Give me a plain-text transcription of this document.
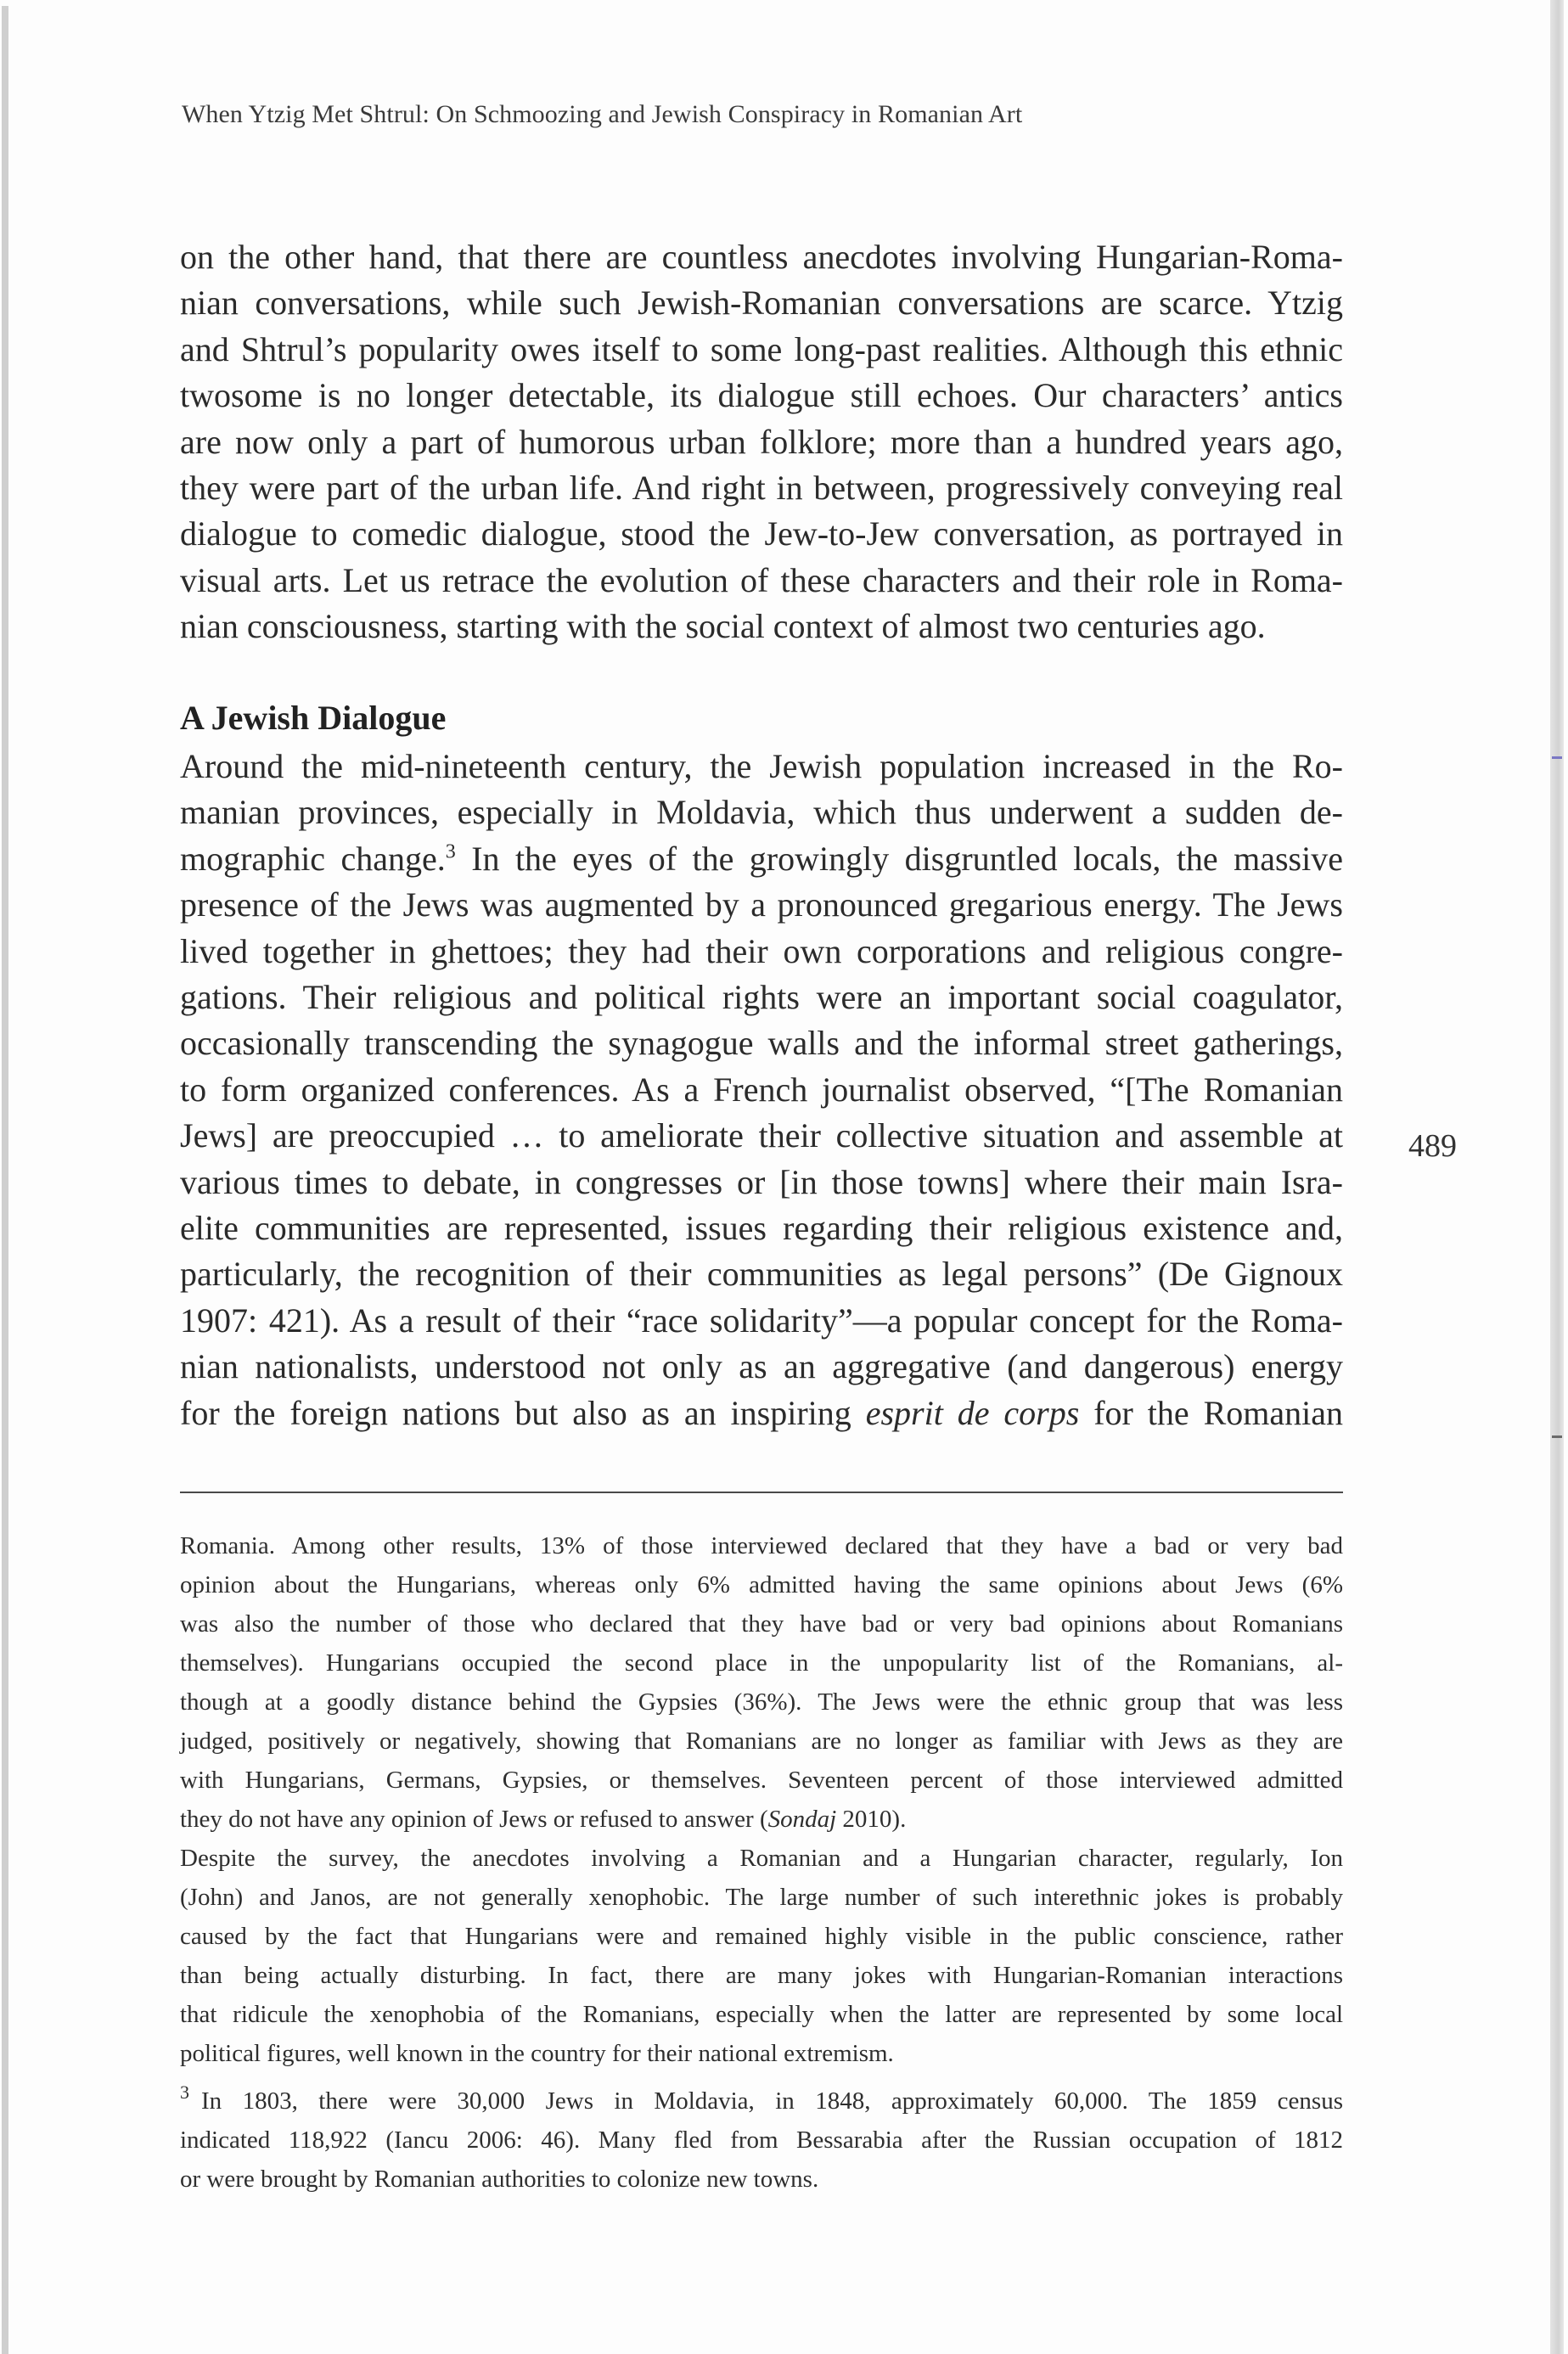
When Ytzig Met Shtrul: On Schmoozing and Jewish Conspiracy in Romanian Art
on the other hand, that there are countless anecdotes involving Hungarian-Roma-
nian conversations, while such Jewish-Romanian conversations are scarce. Ytzig
and Shtrul’s popularity owes itself to some long-past realities. Although this ethnic
twosome is no longer detectable, its dialogue still echoes. Our characters’ antics
are now only a part of humorous urban folklore; more than a hundred years ago,
they were part of the urban life. And right in between, progressively conveying real
dialogue to comedic dialogue, stood the Jew-to-Jew conversation, as portrayed in
visual arts. Let us retrace the evolution of these characters and their role in Roma-
nian consciousness, starting with the social context of almost two centuries ago.
A Jewish Dialogue
Around the mid-nineteenth century, the Jewish population increased in the Ro-
manian provinces, especially in Moldavia, which thus underwent a sudden de-
mographic change.$^3$ In the eyes of the growingly disgruntled locals, the massive
presence of the Jews was augmented by a pronounced gregarious energy. The Jews
lived together in ghettoes; they had their own corporations and religious congre-
gations. Their religious and political rights were an important social coagulator,
occasionally transcending the synagogue walls and the informal street gatherings,
to form organized conferences. As a French journalist observed, “[The Romanian
Jews] are preoccupied … to ameliorate their collective situation and assemble at
various times to debate, in congresses or [in those towns] where their main Isra-
elite communities are represented, issues regarding their religious existence and,
particularly, the recognition of their communities as legal persons” (De Gignoux
1907: 421). As a result of their “race solidarity”—a popular concept for the Roma-
nian nationalists, understood not only as an aggregative (and dangerous) energy
for the foreign nations but also as an inspiring esprit de corps for the Romanian
489
Romania. Among other results, 13% of those interviewed declared that they have a bad or very bad
opinion about the Hungarians, whereas only 6% admitted having the same opinions about Jews (6%
was also the number of those who declared that they have bad or very bad opinions about Romanians
themselves). Hungarians occupied the second place in the unpopularity list of the Romanians, al-
though at a goodly distance behind the Gypsies (36%). The Jews were the ethnic group that was less
judged, positively or negatively, showing that Romanians are no longer as familiar with Jews as they are
with Hungarians, Germans, Gypsies, or themselves. Seventeen percent of those interviewed admitted
they do not have any opinion of Jews or refused to answer (Sondaj 2010).
Despite the survey, the anecdotes involving a Romanian and a Hungarian character, regularly, Ion
(John) and Janos, are not generally xenophobic. The large number of such interethnic jokes is probably
caused by the fact that Hungarians were and remained highly visible in the public conscience, rather
than being actually disturbing. In fact, there are many jokes with Hungarian-Romanian interactions
that ridicule the xenophobia of the Romanians, especially when the latter are represented by some local
political figures, well known in the country for their national extremism.
$^3$ In 1803, there were 30,000 Jews in Moldavia, in 1848, approximately 60,000. The 1859 census
indicated 118,922 (Iancu 2006: 46). Many fled from Bessarabia after the Russian occupation of 1812
or were brought by Romanian authorities to colonize new towns.
